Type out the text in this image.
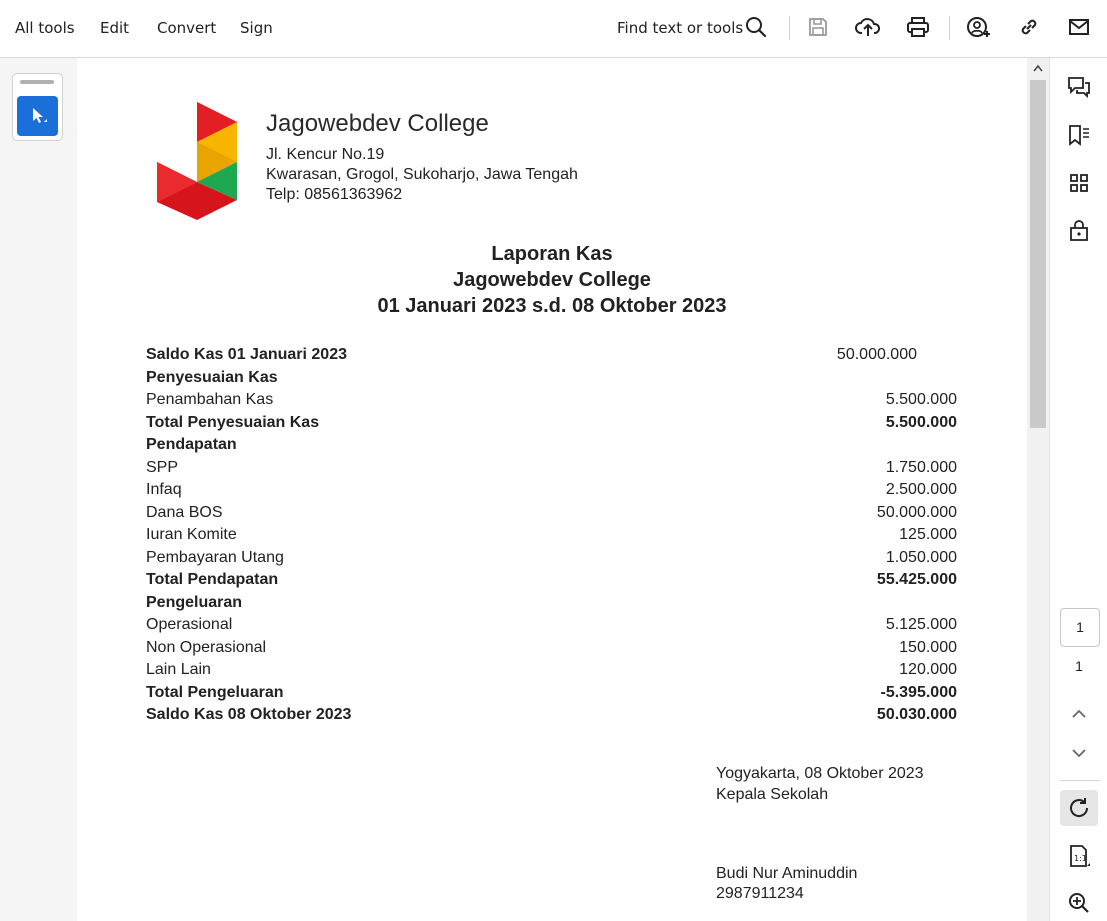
All tools Edit Convert Sign	Find text or tools
Jagowebdev College
Jl. Kencur No.19
Kwarasan, Grogol, Sukoharjo, Jawa Tengah
Telp: 08561363962
Laporan Kas
Jagowebdev College
01 Januari 2023 s.d. 08 Oktober 2023
Saldo Kas 01 Januari 2023	50.000.000
Penyesuaian Kas
Penambahan Kas	5.500.000
Total Penyesuaian Kas	5.500.000
Pendapatan
SPP	1.750.000
Infaq	2.500.000
Dana BOS	50.000.000
Iuran Komite	125.000
Pembayaran Utang	1.050.000
Total Pendapatan	55.425.000
Pengeluaran
Operasional	5.125.000
Non Operasional	150.000
Lain Lain	120.000
Total Pengeluaran	-5.395.000
Saldo Kas 08 Oktober 2023	50.030.000
Yogyakarta, 08 Oktober 2023
Kepala Sekolah
Budi Nur Aminuddin
2987911234
1
1
1:1
